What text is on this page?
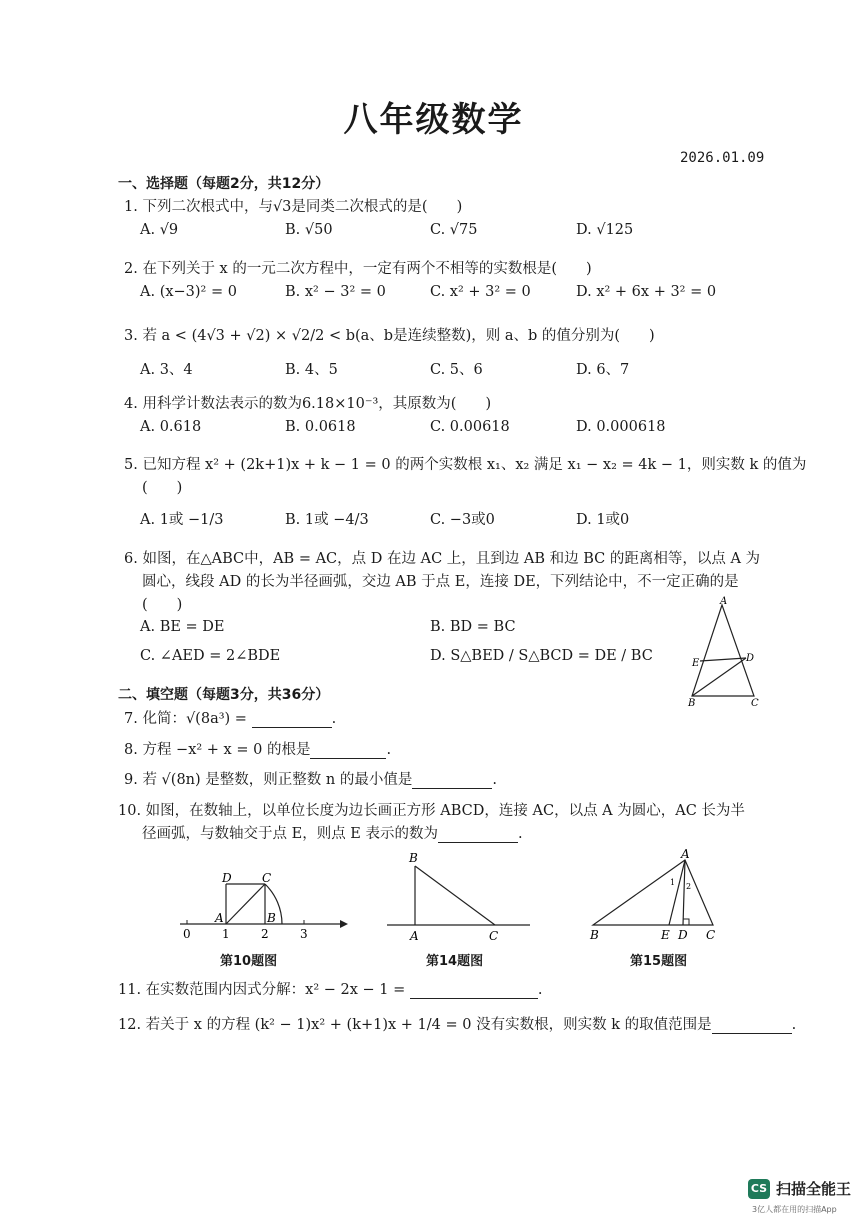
八年级数学
2026.01.09
一、选择题（每题2分，共12分）
1. 下列二次根式中，与√3是同类二次根式的是(　　)
A. √9	B. √50	C. √75	D. √125
2. 在下列关于 x 的一元二次方程中，一定有两个不相等的实数根是(　　)
A. (x−3)² = 0	B. x² − 3² = 0	C. x² + 3² = 0	D. x² + 6x + 3² = 0
3. 若 a < (4√3 + √2) × √2/2 < b(a、b是连续整数)，则 a、b 的值分别为(　　)
A. 3、4	B. 4、5	C. 5、6	D. 6、7
4. 用科学计数法表示的数为6.18×10⁻³，其原数为(　　)
A. 0.618	B. 0.0618	C. 0.00618	D. 0.000618
5. 已知方程 x² + (2k+1)x + k − 1 = 0 的两个实数根 x₁、x₂ 满足 x₁ − x₂ = 4k − 1，则实数 k 的值为
(　　)
A. 1或 −1/3	B. 1或 −4/3	C. −3或0	D. 1或0
6. 如图，在△ABC中，AB = AC，点 D 在边 AC 上，且到边 AB 和边 BC 的距离相等，以点 A 为
圆心，线段 AD 的长为半径画弧，交边 AB 于点 E，连接 DE，下列结论中，不一定正确的是
(　　)
A. BE = DE	B. BD = BC
C. ∠AED = 2∠BDE	D. S△BED / S△BCD = DE / BC
A
E	D
B	C
二、填空题（每题3分，共36分）
7. 化简：√(8a³) =	.
8. 方程 −x² + x = 0 的根是	.
9. 若 √(8n) 是整数，则正整数 n 的最小值是	.
10. 如图，在数轴上，以单位长度为边长画正方形 ABCD，连接 AC，以点 A 为圆心，AC 长为半
径画弧，与数轴交于点 E，则点 E 表示的数为	.
D	C
A	B
0	1	2	3
第10题图
B
A	C
第14题图
A
1 2
B	E D C
第15题图
11. 在实数范围内因式分解：x² − 2x − 1 =	.
12. 若关于 x 的方程 (k² − 1)x² + (k+1)x + 1/4 = 0 没有实数根，则实数 k 的取值范围是	.
CS 扫描全能王
3亿人都在用的扫描App
